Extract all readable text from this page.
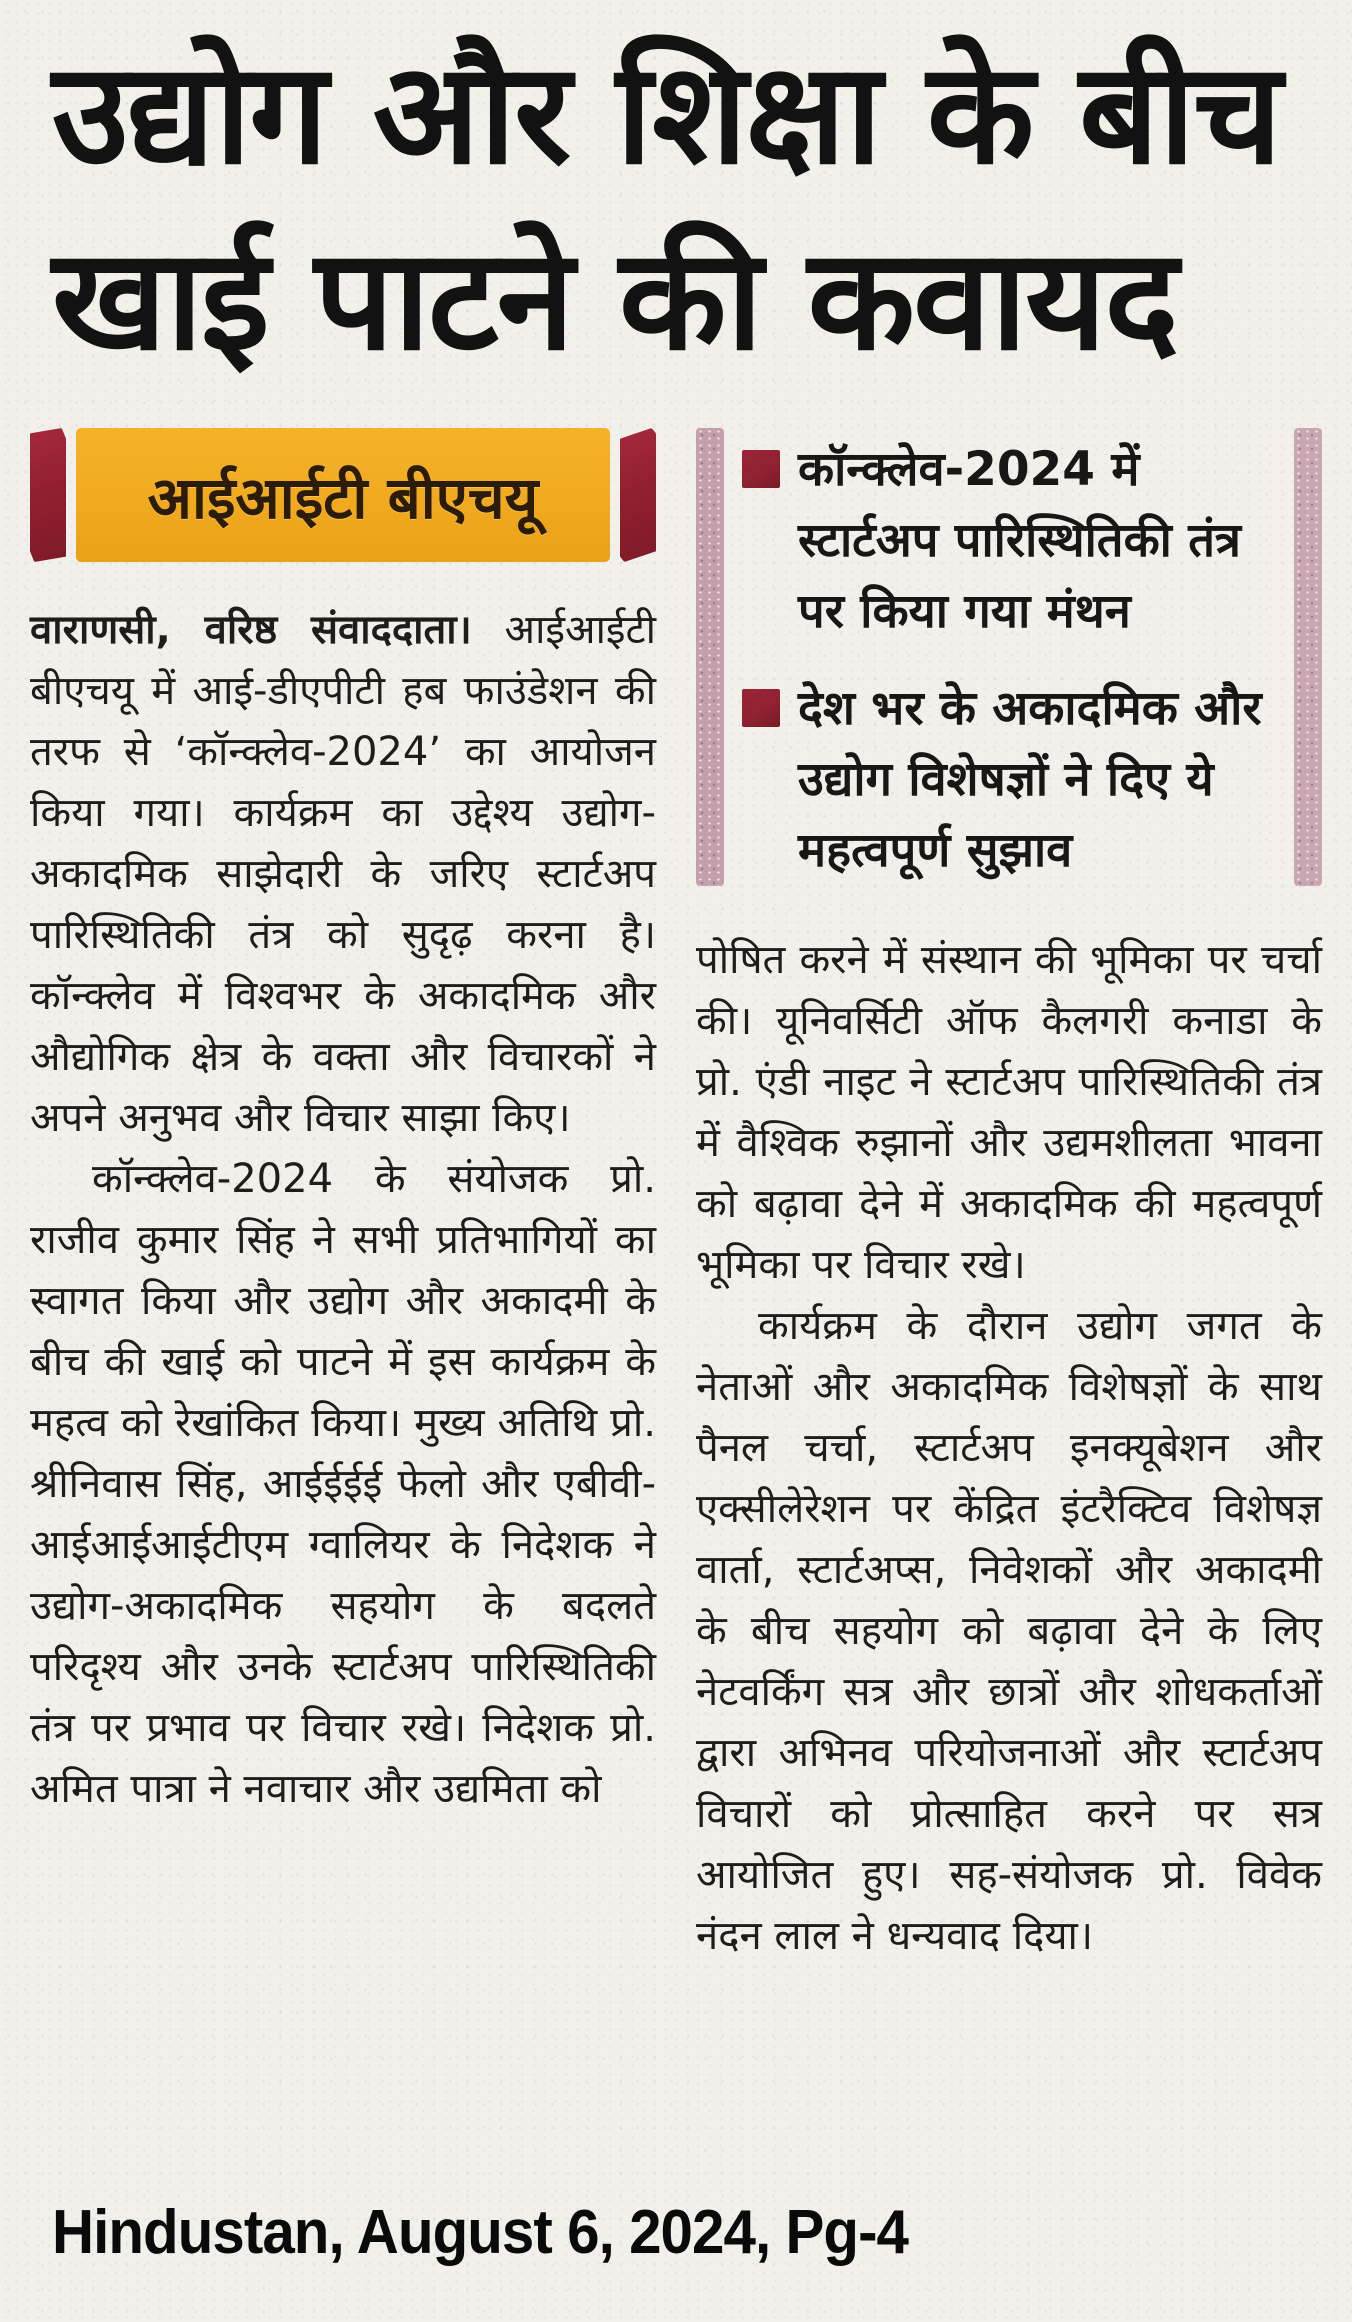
उद्योग और शिक्षा के बीच
खाई पाटने की कवायद
आईआईटी बीएचयू

वाराणसी, वरिष्ठ संवाददाता। आईआईटी बीएचयू में आई-डीएपीटी हब फाउंडेशन की तरफ से ‘कॉन्क्लेव-2024’ का आयोजन किया गया। कार्यक्रम का उद्देश्य उद्योग-अकादमिक साझेदारी के जरिए स्टार्टअप पारिस्थितिकी तंत्र को सुदृढ़ करना है। कॉन्क्लेव में विश्वभर के अकादमिक और औद्योगिक क्षेत्र के वक्ता और विचारकों ने अपने अनुभव और विचार साझा किए।

कॉन्क्लेव-2024 के संयोजक प्रो. राजीव कुमार सिंह ने सभी प्रतिभागियों का स्वागत किया और उद्योग और अकादमी के बीच की खाई को पाटने में इस कार्यक्रम के महत्व को रेखांकित किया। मुख्य अतिथि प्रो. श्रीनिवास सिंह, आईईईई फेलो और एबीवी-आईआईआईटीएम ग्वालियर के निदेशक ने उद्योग-अकादमिक सहयोग के बदलते परिदृश्य और उनके स्टार्टअप पारिस्थितिकी तंत्र पर प्रभाव पर विचार रखे। निदेशक प्रो. अमित पात्रा ने नवाचार और उद्यमिता को

कॉन्क्लेव-2024 में स्टार्टअप पारिस्थितिकी तंत्र पर किया गया मंथन
देश भर के अकादमिक और उद्योग विशेषज्ञों ने दिए ये महत्वपूर्ण सुझाव

पोषित करने में संस्थान की भूमिका पर चर्चा की। यूनिवर्सिटी ऑफ कैलगरी कनाडा के प्रो. एंडी नाइट ने स्टार्टअप पारिस्थितिकी तंत्र में वैश्विक रुझानों और उद्यमशीलता भावना को बढ़ावा देने में अकादमिक की महत्वपूर्ण भूमिका पर विचार रखे।

कार्यक्रम के दौरान उद्योग जगत के नेताओं और अकादमिक विशेषज्ञों के साथ पैनल चर्चा, स्टार्टअप इनक्यूबेशन और एक्सीलेरेशन पर केंद्रित इंटरैक्टिव विशेषज्ञ वार्ता, स्टार्टअप्स, निवेशकों और अकादमी के बीच सहयोग को बढ़ावा देने के लिए नेटवर्किंग सत्र और छात्रों और शोधकर्ताओं द्वारा अभिनव परियोजनाओं और स्टार्टअप विचारों को प्रोत्साहित करने पर सत्र आयोजित हुए। सह-संयोजक प्रो. विवेक नंदन लाल ने धन्यवाद दिया।

Hindustan, August 6, 2024, Pg-4
